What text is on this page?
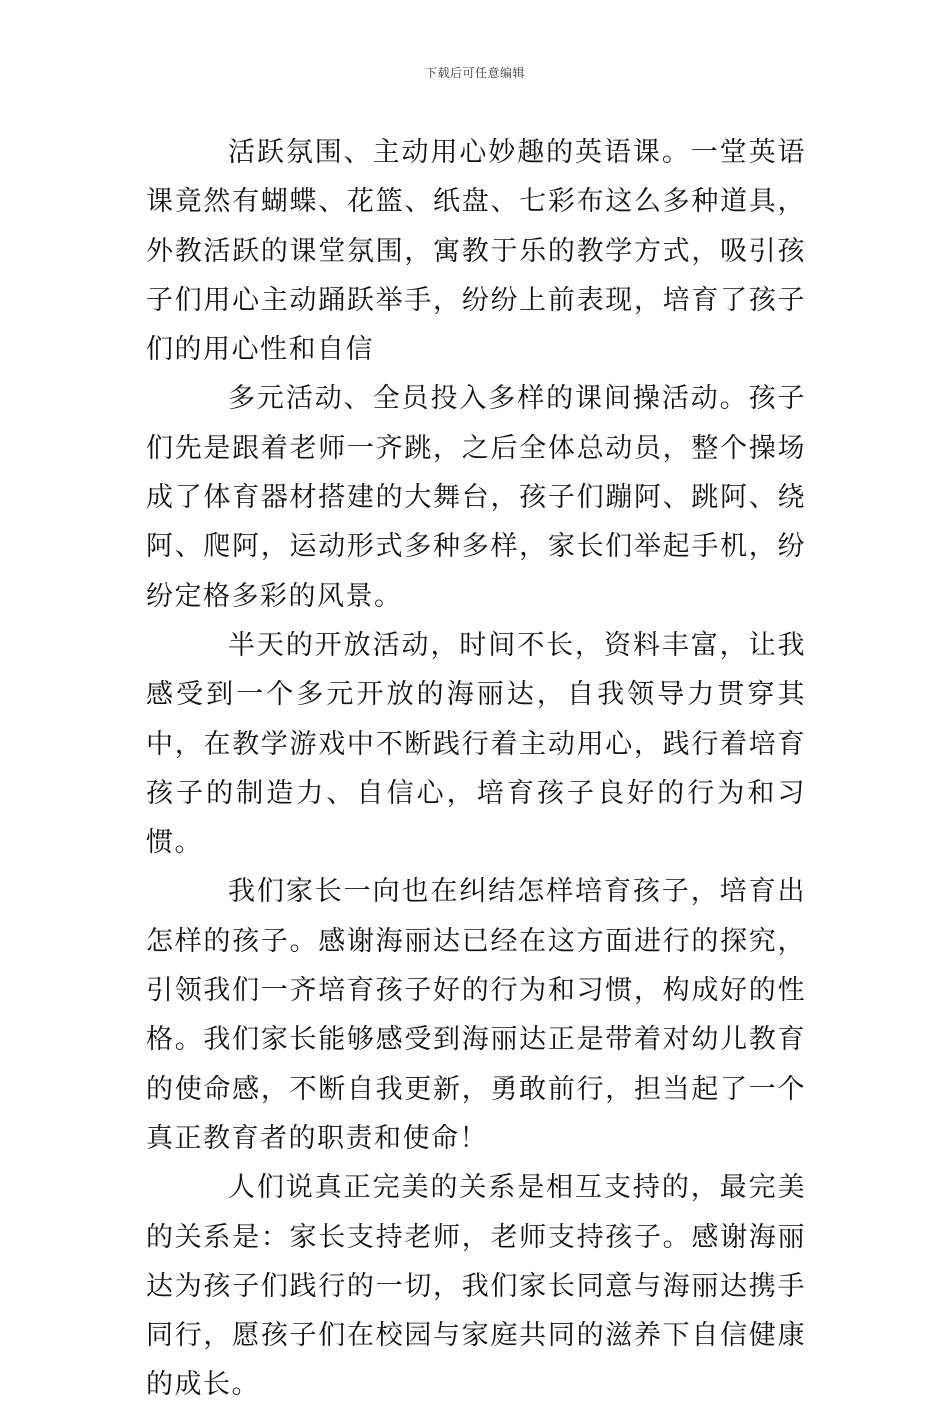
下载后可任意编辑

活跃氛围、主动用心妙趣的英语课。一堂英语课竟然有蝴蝶、花篮、纸盘、七彩布这么多种道具，外教活跃的课堂氛围，寓教于乐的教学方式，吸引孩子们用心主动踊跃举手，纷纷上前表现，培育了孩子们的用心性和自信

多元活动、全员投入多样的课间操活动。孩子们先是跟着老师一齐跳，之后全体总动员，整个操场成了体育器材搭建的大舞台，孩子们蹦阿、跳阿、绕阿、爬阿，运动形式多种多样，家长们举起手机，纷纷定格多彩的风景。

半天的开放活动，时间不长，资料丰富，让我感受到一个多元开放的海丽达，自我领导力贯穿其中，在教学游戏中不断践行着主动用心，践行着培育孩子的制造力、自信心，培育孩子良好的行为和习惯。

我们家长一向也在纠结怎样培育孩子，培育出怎样的孩子。感谢海丽达已经在这方面进行的探究，引领我们一齐培育孩子好的行为和习惯，构成好的性格。我们家长能够感受到海丽达正是带着对幼儿教育的使命感，不断自我更新，勇敢前行，担当起了一个真正教育者的职责和使命！

人们说真正完美的关系是相互支持的，最完美的关系是：家长支持老师，老师支持孩子。感谢海丽达为孩子们践行的一切，我们家长同意与海丽达携手同行，愿孩子们在校园与家庭共同的滋养下自信健康的成长。
